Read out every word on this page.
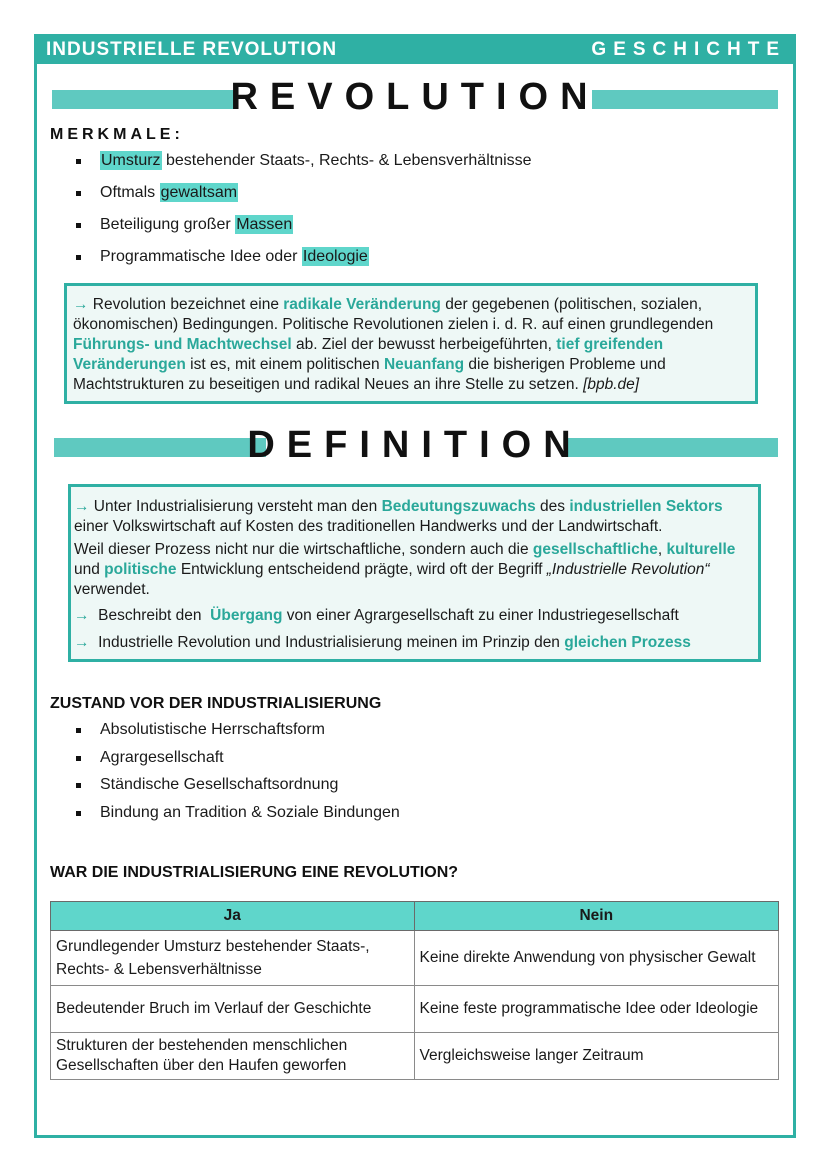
INDUSTRIELLE REVOLUTION	GESCHICHTE
REVOLUTION
MERKMALE:
Umsturz bestehender Staats-, Rechts- & Lebensverhältnisse
Oftmals gewaltsam
Beteiligung großer Massen
Programmatische Idee oder Ideologie

→ Revolution bezeichnet eine radikale Veränderung der gegebenen (politischen, sozialen, ökonomischen) Bedingungen. Politische Revolutionen zielen i. d. R. auf einen grundlegenden Führungs- und Machtwechsel ab. Ziel der bewusst herbeigeführten, tief greifenden Veränderungen ist es, mit einem politischen Neuanfang die bisherigen Probleme und Machtstrukturen zu beseitigen und radikal Neues an ihre Stelle zu setzen. [bpb.de]

DEFINITION

→ Unter Industrialisierung versteht man den Bedeutungszuwachs des industriellen Sektors einer Volkswirtschaft auf Kosten des traditionellen Handwerks und der Landwirtschaft.

Weil dieser Prozess nicht nur die wirtschaftliche, sondern auch die gesellschaftliche, kulturelle und politische Entwicklung entscheidend prägte, wird oft der Begriff „Industrielle Revolution“ verwendet.

→ Beschreibt den  Übergang von einer Agrargesellschaft zu einer Industriegesellschaft

→ Industrielle Revolution und Industrialisierung meinen im Prinzip den gleichen Prozess

ZUSTAND VOR DER INDUSTRIALISIERUNG
Absolutistische Herrschaftsform
Agrargesellschaft
Ständische Gesellschaftsordnung
Bindung an Tradition & Soziale Bindungen
WAR DIE INDUSTRIALISIERUNG EINE REVOLUTION?
Ja	Nein
Grundlegender Umsturz bestehender Staats-, Rechts- & Lebensverhältnisse	Keine direkte Anwendung von physischer Gewalt
Bedeutender Bruch im Verlauf der Geschichte	Keine feste programmatische Idee oder Ideologie
Strukturen der bestehenden menschlichen Gesellschaften über den Haufen geworfen	Vergleichsweise langer Zeitraum
